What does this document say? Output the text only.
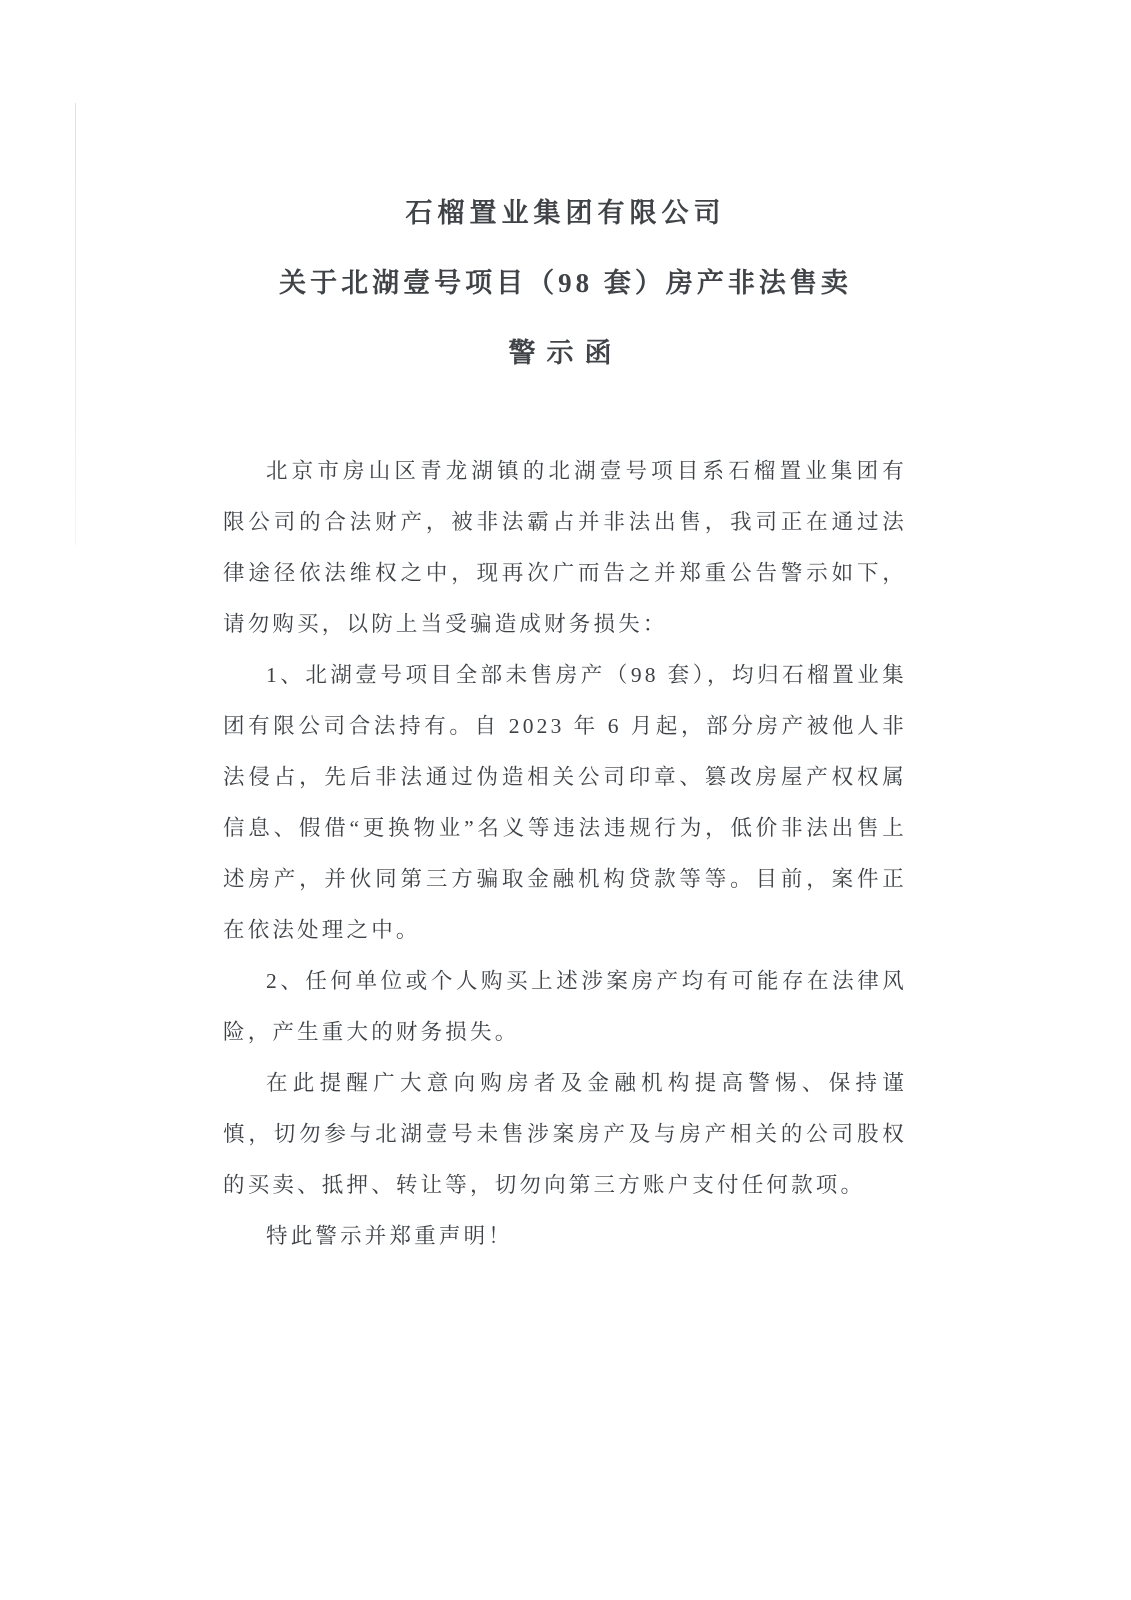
石榴置业集团有限公司
关于北湖壹号项目（98 套）房产非法售卖
警示函

北京市房山区青龙湖镇的北湖壹号项目系石榴置业集团有限公司的合法财产，被非法霸占并非法出售，我司正在通过法律途径依法维权之中，现再次广而告之并郑重公告警示如下，请勿购买，以防上当受骗造成财务损失：

1、北湖壹号项目全部未售房产（98 套），均归石榴置业集团有限公司合法持有。自 2023 年 6 月起，部分房产被他人非法侵占，先后非法通过伪造相关公司印章、篡改房屋产权权属信息、假借“更换物业”名义等违法违规行为，低价非法出售上述房产，并伙同第三方骗取金融机构贷款等等。目前，案件正在依法处理之中。

2、任何单位或个人购买上述涉案房产均有可能存在法律风险，产生重大的财务损失。

在此提醒广大意向购房者及金融机构提高警惕、保持谨慎，切勿参与北湖壹号未售涉案房产及与房产相关的公司股权的买卖、抵押、转让等，切勿向第三方账户支付任何款项。

特此警示并郑重声明！
